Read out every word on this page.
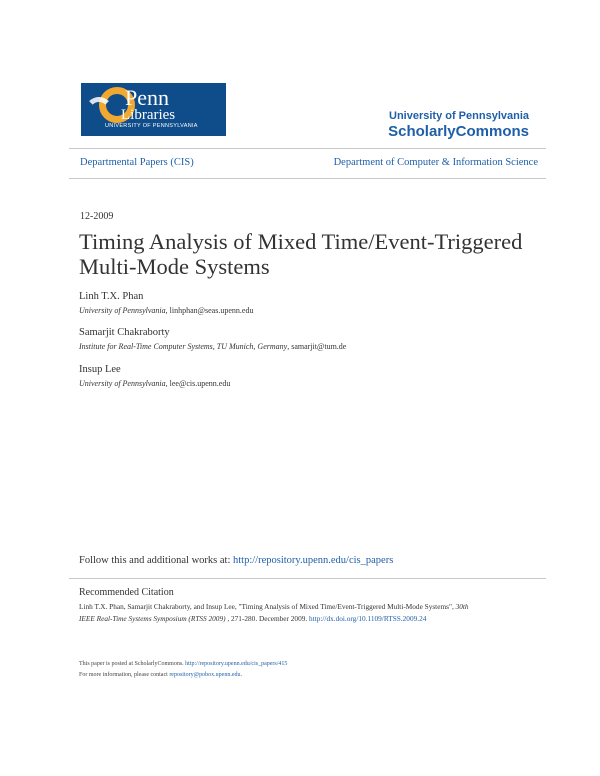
Penn
Libraries
UNIVERSITY OF PENNSYLVANIA
University of Pennsylvania
ScholarlyCommons
Departmental Papers (CIS)	Department of Computer & Information Science
12-2009
Timing Analysis of Mixed Time/Event-Triggered
Multi-Mode Systems
Linh T.X. Phan
University of Pennsylvania, linhphan@seas.upenn.edu
Samarjit Chakraborty
Institute for Real-Time Computer Systems, TU Munich, Germany, samarjit@tum.de
Insup Lee
University of Pennsylvania, lee@cis.upenn.edu
Follow this and additional works at: http://repository.upenn.edu/cis_papers
Recommended Citation
Linh T.X. Phan, Samarjit Chakraborty, and Insup Lee, "Timing Analysis of Mixed Time/Event-Triggered Multi-Mode Systems", 30th
IEEE Real-Time Systems Symposium (RTSS 2009) , 271-280. December 2009. http://dx.doi.org/10.1109/RTSS.2009.24
This paper is posted at ScholarlyCommons. http://repository.upenn.edu/cis_papers/415
For more information, please contact repository@pobox.upenn.edu.
